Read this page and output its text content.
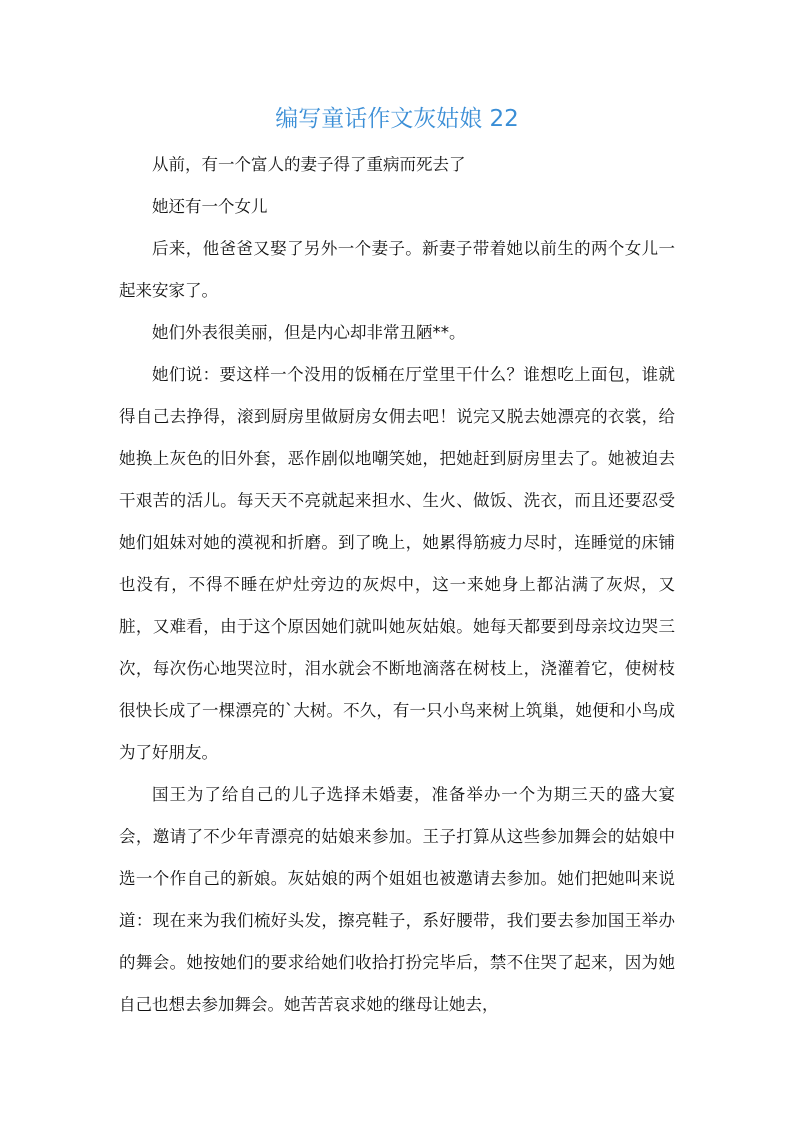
编写童话作文灰姑娘 22

从前，有一个富人的妻子得了重病而死去了

她还有一个女儿

后来，他爸爸又娶了另外一个妻子。新妻子带着她以前生的两个女儿一起来安家了。

她们外表很美丽，但是内心却非常丑陋**。

她们说：要这样一个没用的饭桶在厅堂里干什么？谁想吃上面包，谁就得自己去挣得，滚到厨房里做厨房女佣去吧！说完又脱去她漂亮的衣裳，给她换上灰色的旧外套，恶作剧似地嘲笑她，把她赶到厨房里去了。她被迫去干艰苦的活儿。每天天不亮就起来担水、生火、做饭、洗衣，而且还要忍受她们姐妹对她的漠视和折磨。到了晚上，她累得筋疲力尽时，连睡觉的床铺也没有，不得不睡在炉灶旁边的灰烬中，这一来她身上都沾满了灰烬，又脏，又难看，由于这个原因她们就叫她灰姑娘。她每天都要到母亲坟边哭三次，每次伤心地哭泣时，泪水就会不断地滴落在树枝上，浇灌着它，使树枝很快长成了一棵漂亮的`大树。不久，有一只小鸟来树上筑巢，她便和小鸟成为了好朋友。

国王为了给自己的儿子选择未婚妻，准备举办一个为期三天的盛大宴会，邀请了不少年青漂亮的姑娘来参加。王子打算从这些参加舞会的姑娘中选一个作自己的新娘。灰姑娘的两个姐姐也被邀请去参加。她们把她叫来说道：现在来为我们梳好头发，擦亮鞋子，系好腰带，我们要去参加国王举办的舞会。她按她们的要求给她们收拾打扮完毕后，禁不住哭了起来，因为她自己也想去参加舞会。她苦苦哀求她的继母让她去，
